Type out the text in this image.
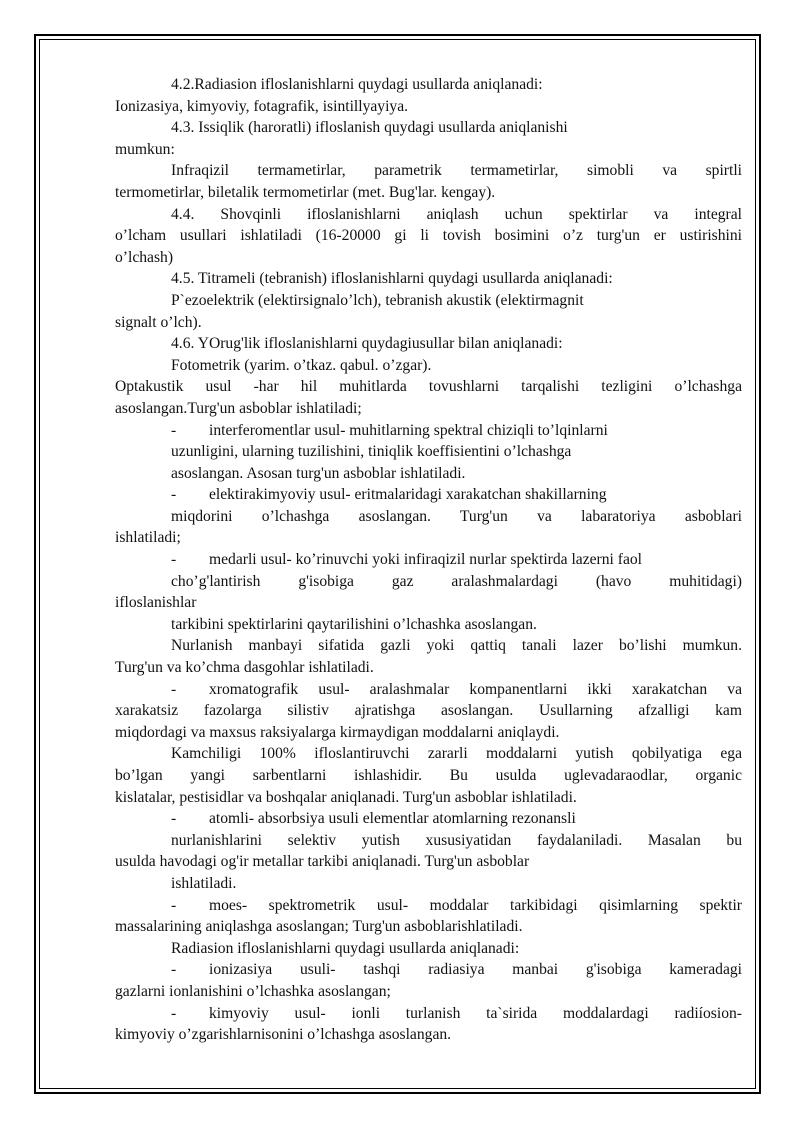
4.2.Radiasion ifloslanishlarni quydagi usullarda aniqlanadi:
Ionizasiya, kimyoviy, fotagrafik, isintillyayiya.
4.3. Issiqlik (haroratli) ifloslanish quydagi usullarda aniqlanishi
mumkun:
Infraqizil termametirlar, parametrik termametirlar, simobli va spirtli
termometirlar, biletalik termometirlar (met. Bug'lar. kengay).
4.4. Shovqinli ifloslanishlarni aniqlash uchun spektirlar va integral
o’lcham usullari ishlatiladi (16-20000 gi li tovish bosimini o’z turg'un er ustirishini
o’lchash)
4.5. Titrameli (tebranish) ifloslanishlarni quydagi usullarda aniqlanadi:
P`ezoelektrik (elektirsignalo’lch), tebranish akustik (elektirmagnit
signalt o’lch).
4.6. YOrug'lik ifloslanishlarni quydagiusullar bilan aniqlanadi:
Fotometrik (yarim. o’tkaz. qabul. o’zgar).
Optakustik usul -har hil muhitlarda tovushlarni tarqalishi tezligini o’lchashga
asoslangan.Turg'un asboblar ishlatiladi;
- interferomentlar usul- muhitlarning spektral chiziqli to’lqinlarni
uzunligini, ularning tuzilishini, tiniqlik koeffisientini o’lchashga
asoslangan. Asosan turg'un asboblar ishlatiladi.
- elektirakimyoviy usul- eritmalaridagi xarakatchan shakillarning
miqdorini o’lchashga asoslangan. Turg'un va labaratoriya asboblari
ishlatiladi;
- medarli usul- ko’rinuvchi yoki infiraqizil nurlar spektirda lazerni faol
cho’g'lantirish g'isobiga gaz aralashmalardagi (havo muhitidagi)
ifloslanishlar
tarkibini spektirlarini qaytarilishini o’lchashka asoslangan.
Nurlanish manbayi sifatida gazli yoki qattiq tanali lazer bo’lishi mumkun.
Turg'un va ko’chma dasgohlar ishlatiladi.
- xromatografik usul- aralashmalar kompanentlarni ikki xarakatchan va
xarakatsiz fazolarga silistiv ajratishga asoslangan. Usullarning afzalligi kam
miqdordagi va maxsus raksiyalarga kirmaydigan moddalarni aniqlaydi.
Kamchiligi 100% ifloslantiruvchi zararli moddalarni yutish qobilyatiga ega
bo’lgan yangi sarbentlarni ishlashidir. Bu usulda uglevadaraodlar, organic
kislatalar, pestisidlar va boshqalar aniqlanadi. Turg'un asboblar ishlatiladi.
- atomli- absorbsiya usuli elementlar atomlarning rezonansli
nurlanishlarini selektiv yutish xususiyatidan faydalaniladi. Masalan bu
usulda havodagi og'ir metallar tarkibi aniqlanadi. Turg'un asboblar
ishlatiladi.
- moes- spektrometrik usul- moddalar tarkibidagi qisimlarning spektir
massalarining aniqlashga asoslangan; Turg'un asboblarishlatiladi.
Radiasion ifloslanishlarni quydagi usullarda aniqlanadi:
- ionizasiya usuli- tashqi radiasiya manbai g'isobiga kameradagi
gazlarni ionlanishini o’lchashka asoslangan;
- kimyoviy usul- ionli turlanish ta`sirida moddalardagi radiíosion-
kimyoviy o’zgarishlarnisonini o’lchashga asoslangan.
